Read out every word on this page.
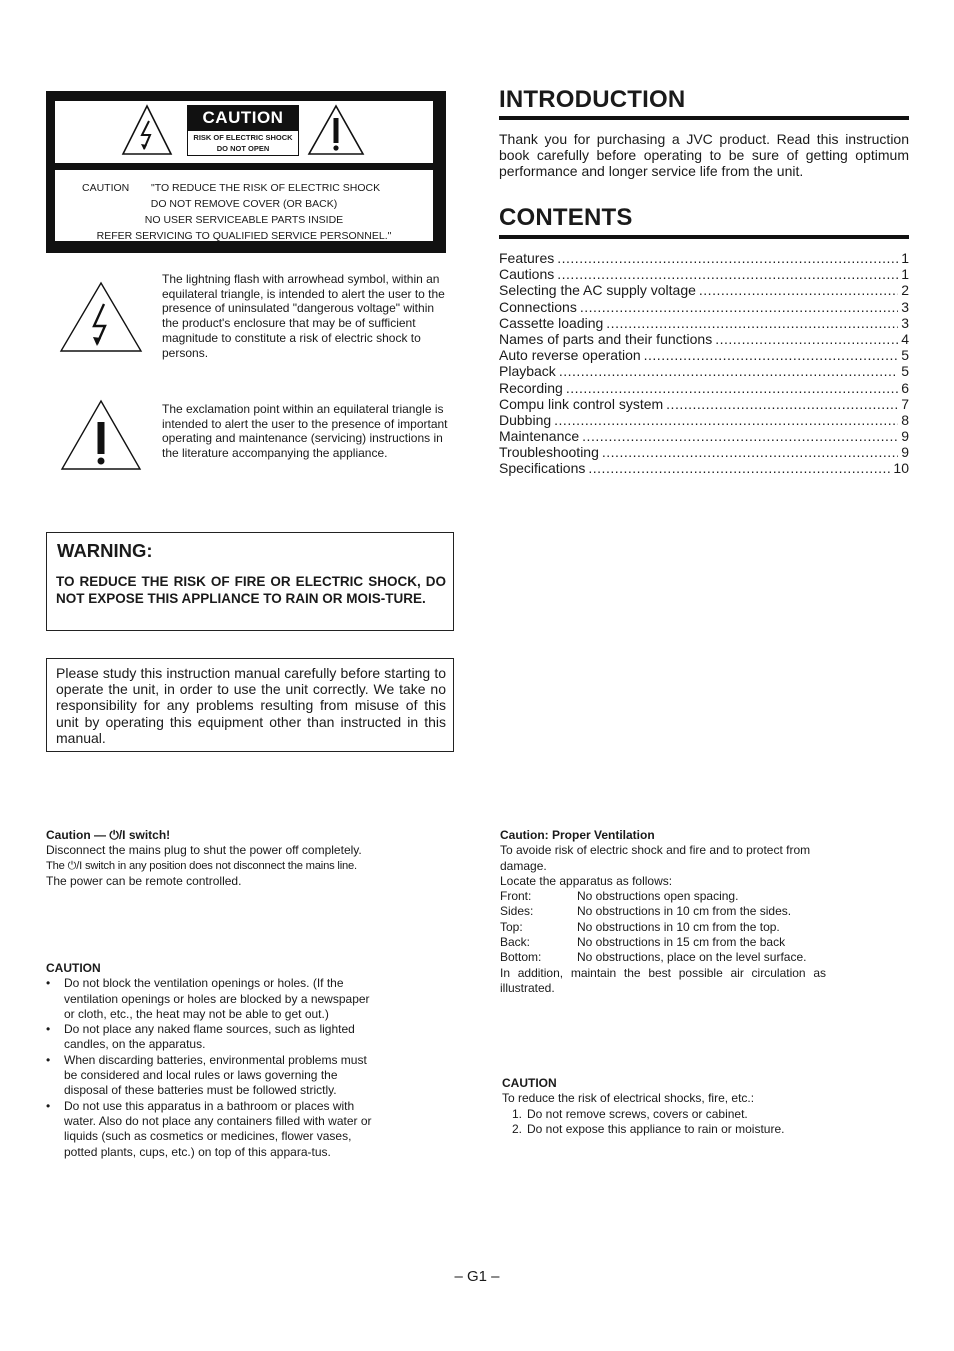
CAUTION
RISK OF ELECTRIC SHOCK
DO NOT OPEN
CAUTION "TO REDUCE THE RISK OF ELECTRIC SHOCK
DO NOT REMOVE COVER (OR BACK)
NO USER SERVICEABLE PARTS INSIDE
REFER SERVICING TO QUALIFIED SERVICE PERSONNEL."
The lightning flash with arrowhead symbol, within an equilateral triangle, is intended to alert the user to the presence of uninsulated "dangerous voltage" within the product's enclosure that may be of sufficient magnitude to constitute a risk of electric shock to persons.
The exclamation point within an equilateral triangle is intended to alert the user to the presence of important operating and maintenance (servicing) instructions in the literature accompanying the appliance.
WARNING:
TO REDUCE THE RISK OF FIRE OR ELECTRIC SHOCK, DO NOT EXPOSE THIS APPLIANCE TO RAIN OR MOIS-TURE.
Please study this instruction manual carefully before starting to operate the unit, in order to use the unit correctly. We take no responsibility for any problems resulting from misuse of this unit by operating this equipment other than instructed in this manual.
INTRODUCTION
Thank you for purchasing a JVC product. Read this instruction book carefully before operating to be sure of getting optimum performance and longer service life from the unit.
CONTENTS
Features .....	1
Cautions .....	1
Selecting the AC supply voltage .....	2
Connections .....	3
Cassette loading .....	3
Names of parts and their functions .....	4
Auto reverse operation .....	5
Playback .....	5
Recording .....	6
Compu link control system .....	7
Dubbing .....	8
Maintenance .....	9
Troubleshooting .....	9
Specifications .....	10
Caution — ⏻/I switch!
Disconnect the mains plug to shut the power off completely.
The ⏻/I switch in any position does not disconnect the mains line.
The power can be remote controlled.
CAUTION
• Do not block the ventilation openings or holes. (If the ventilation openings or holes are blocked by a newspaper or cloth, etc., the heat may not be able to get out.)
• Do not place any naked flame sources, such as lighted candles, on the apparatus.
• When discarding batteries, environmental problems must be considered and local rules or laws governing the disposal of these batteries must be followed strictly.
• Do not use this apparatus in a bathroom or places with water. Also do not place any containers filled with water or liquids (such as cosmetics or medicines, flower vases, potted plants, cups, etc.) on top of this appara-tus.
Caution: Proper Ventilation
To avoide risk of electric shock and fire and to protect from damage.
Locate the apparatus as follows:
Front:	No obstructions open spacing.
Sides:	No obstructions in 10 cm from the sides.
Top:	No obstructions in 10 cm from the top.
Back:	No obstructions in 15 cm from the back
Bottom:	No obstructions, place on the level surface.
In addition, maintain the best possible air circulation as illustrated.
CAUTION
To reduce the risk of electrical shocks, fire, etc.:
1. Do not remove screws, covers or cabinet.
2. Do not expose this appliance to rain or moisture.
– G1 –
